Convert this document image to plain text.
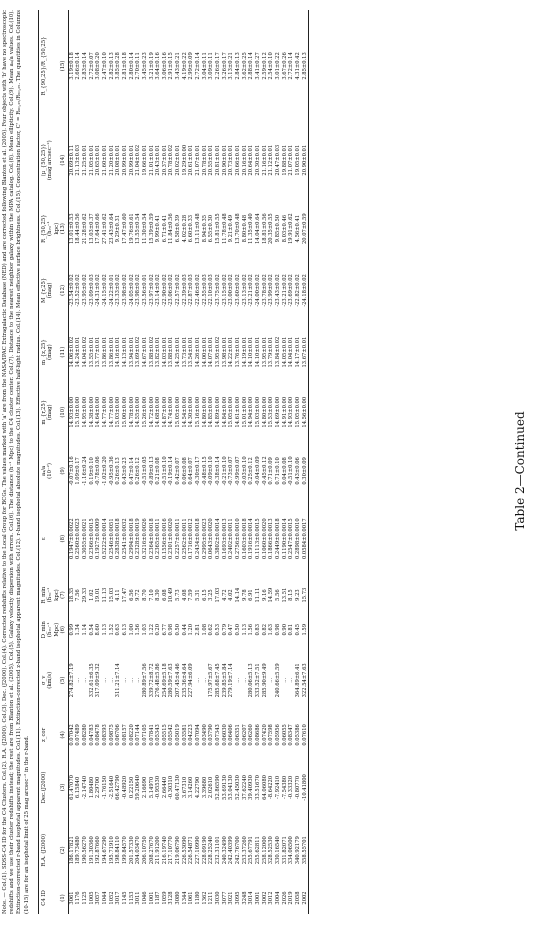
Table 2—Continued
C4 ID	R.A. (J2000)	Dec.(J2000)	z_cor	σ_v	D_min	R_min	ε	a₄/a	m_{r,25}	m_{z,25}	M_{r,25}	R_{50,25}	⟨μ_{50,25}⟩	R_{90,25}/R_{50,25}
				(km/s)	(h₇₀⁻¹	(h₇₀⁻¹		(10⁻²)	(mag)	(mag)	(mag)	(h₇₀⁻¹	(mag arcsec⁻²)	
					Mpc)	kpc)						kpc)		
(1)	(2)	(3)	(4)	(5)	(6)	(7)	(8)	(9)	(10)	(11)	(12)	(13)	(14)	(15)
3061	186.17821	61.47070	0.07042	274.82±7.19	0.99	18.35	0.1947±0.0022	-0.07±0.16	14.93±0.00	14.06±0.02	-23.54±0.02	13.01±0.53	20.69±0.11	3.19±0.18
1176	189.73480	6.15840	0.07489	...	1.34	7.56	0.2560±0.0023	1.09±0.17	15.10±0.00	14.24±0.01	-23.52±0.02	18.44±0.56	21.13±0.03	2.66±0.14
1125	190.56270	-2.14740	0.08280	...	1.14	29.33	0.3055±0.0021	-1.16±0.24	14.95±0.00	14.04±0.02	-23.95±0.02	21.28±0.62	21.25±0.01	2.83±0.14
1005	191.30360	1.80480	0.04783	332.61±6.35	0.54	1.02	0.2366±0.0015	0.19±0.10	14.38±0.00	13.55±0.01	-23.09±0.03	13.03±0.37	21.05±0.01	2.72±0.07
3057	192.87660	2.29700	0.08478	317.09±9.32	8.60	19.01	0.1927±0.0009	-0.78±0.06	14.64±0.00	13.77±0.01	-24.31±0.02	17.64±0.66	20.65±0.01	3.08±0.20
1044	194.67290	-1.76150	0.08393	...	1.13	11.13	0.5222±0.0014	-1.02±0.20	14.77±0.00	13.86±0.01	-24.15±0.02	27.41±0.62	21.60±0.01	2.47±0.10
1052	195.71910	-2.51640	0.09875	...	1.52	15.03	0.2546±0.0051	-0.95±0.36	14.77±0.00	13.86±0.01	-24.22±0.01	23.43±0.64	21.20±0.01	2.82±0.13
3017	198.84110	66.42790	0.06706	311.21±7.14	0.63	4.11	0.2838±0.0018	0.26±0.13	15.03±0.00	14.16±0.01	-23.33±0.02	9.29±0.31	20.08±0.01	3.85±0.28
1145	199.84570	-0.48920	0.08157	...	6.13	17.47	0.2541±0.0032	0.43±0.23	15.00±0.00	14.13±0.01	-23.98±0.02	17.47±0.60	20.99±0.01	2.81±0.18
1153	201.57330	0.22150	0.08220	...	1.00	6.56	0.2994±0.0018	0.47±0.14	14.78±0.00	13.94±0.01	-24.05±0.02	19.76±0.61	20.99±0.01	2.80±0.14
3011	204.03470	59.20640	0.07144	...	1.56	9.72	0.2328±0.0019	0.26±0.12	14.55±0.00	13.69±0.02	-23.98±0.02	13.55±0.54	21.04±0.02	2.70±0.11
1046	206.10750	2.16690	0.07105	280.89±7.56	1.03	8.70	0.3216±0.0026	-0.51±0.05	15.26±0.00	14.67±0.01	-23.56±0.01	11.30±0.54	19.66±0.01	3.45±0.23
1001	208.27670	5.14970	0.07841	339.72±8.72	1.22	7.10	0.2364±0.0018	-0.89±0.13	14.72±0.00	13.88±0.02	-23.97±0.02	15.39±0.59	21.01±0.01	3.21±0.19
1187	211.91200	-0.95530	0.05343	276.48±5.86	0.20	8.30	0.2365±0.0011	0.21±0.08	14.68±0.00	13.82±0.01	-23.14±0.02	9.99±0.41	20.43±0.01	3.64±0.16
1059	216.19740	2.66440	0.05515	254.69±5.18	6.77	6.08	0.1556±0.0016	-0.51±0.10	14.87±0.00	14.03±0.01	-22.90±0.02	6.71±0.41	20.37±0.01	3.06±0.16
3128	217.10770	-0.30310	0.05542	280.59±7.63	0.98	10.49	0.2301±0.0020	-0.19±0.14	14.74±0.00	13.88±0.01	-23.06±0.02	11.84±0.56	20.78±0.02	2.91±0.15
3080	219.06790	60.47130	0.05019	207.45±4.46	0.50	5.73	0.2257±0.0011	0.42±0.07	15.05±0.00	14.25±0.01	-22.57±0.02	6.58±0.39	20.02±0.01	3.43±0.21
1344	226.53090	3.67310	0.03581	235.36±4.64	0.44	4.08	0.2562±0.0011	0.06±0.08	14.54±0.00	13.73±0.01	-22.39±0.03	4.02±0.28	19.29±0.00	4.19±0.22
1061	226.54871	3.14260	0.04223	227.94±6.09	1.20	7.59	0.1716±0.0012	0.64±0.07	14.30±0.00	13.54±0.01	-22.87±0.03	6.60±0.33	20.61±0.01	2.99±0.09
1180	227.10990	4.22790	0.07094	...	2.81	5.31	0.2434±0.0018	-0.30±0.17	15.16±0.00	14.26±0.01	-22.46±0.02	13.11±0.48	21.07±0.01	2.72±0.14
1362	228.09190	3.39680	0.03490	...	1.08	6.15	0.2995±0.0023	-0.48±0.15	14.80±0.00	14.00±0.01	-22.55±0.03	8.94±0.35	20.78±0.01	3.04±0.11
1211	228.25240	2.02610	0.03790	175.97±5.67	0.62	3.25	0.0643±0.0020	-0.09±0.10	14.85±0.00	14.07±0.01	-22.10±0.03	6.55±0.30	20.55±0.01	3.09±0.11
3030	232.31101	52.86590	0.07343	285.68±7.45	0.53	17.03	0.3802±0.0014	-0.38±0.14	14.89±0.00	13.95±0.02	-23.75±0.02	15.81±0.55	20.81±0.01	2.26±0.17
3077	240.32490	53.69130	0.06030	239.85±5.84	0.79	4.72	0.1693±0.0013	-0.21±0.10	14.84±0.00	13.98±0.01	-23.15±0.02	11.78±0.48	20.90±0.01	3.26±0.17
3021	242.40399	53.04130	0.06406	279.19±7.14	0.47	4.02	0.2402±0.0011	-0.73±0.07	15.05±0.00	14.22±0.01	-23.00±0.02	9.21±0.49	20.73±0.01	3.13±0.21
3095	242.76700	52.45030	0.06351	...	0.50	14.14	0.2756±0.0010	-0.99±0.07	14.61±0.00	13.76±0.01	-23.60±0.02	13.70±0.48	20.66±0.01	2.84±0.13
3248	253.37260	37.62240	0.06207	...	1.13	9.78	0.1603±0.0018	-0.03±0.10	15.01±0.00	14.19±0.01	-23.13±0.02	8.80±0.48	20.16±0.01	3.62±0.25
3014	255.67791	39.40930	0.06260	280.06±5.13	1.56	6.91	0.1916±0.0014	0.25±0.12	14.94±0.00	14.10±0.01	-23.21±0.02	11.35±0.40	20.64±0.01	2.88±0.14
3001	255.62811	33.51670	0.08686	333.52±7.51	0.83	11.11	0.1113±0.0015	-0.04±0.09	15.03±0.00	14.10±0.01	-24.00±0.02	14.04±0.64	20.30±0.01	3.41±0.27
3002	258.12000	64.06080	0.07420	285.90±9.49	0.82	9.16	0.1060±0.0020	-0.45±0.12	14.80±0.00	13.95±0.01	-23.78±0.02	18.81±0.56	21.16±0.01	2.59±0.12
3012	328.52530	-8.64220	0.07598	...	1.63	14.59	0.1866±0.0013	0.71±0.09	15.53±0.00	13.79±0.01	-23.99±0.02	20.35±0.55	21.12±0.01	2.54±0.10
3004	330.16540	-7.92410	0.05956	240.66±5.59	0.98	5.56	0.2449±0.0018	0.71±0.10	14.69±0.00	13.84±0.02	-23.43±0.02	9.85±0.50	20.47±0.03	3.01±0.22
2026	331.82071	-7.54380	0.06055	...	0.90	13.51	0.1190±0.0014	0.04±0.08	14.91±0.00	14.05±0.01	-23.21±0.02	8.03±0.46	19.88±0.01	3.67±0.26
2019	334.06500	-0.33320	0.08347	...	0.81	8.15	0.2547±0.0015	-0.51±0.10	14.93±0.00	14.04±0.01	-23.69±0.02	19.91±0.62	21.07±0.01	2.72±0.14
2058	340.92179	-0.80770	0.05386	364.89±6.41	0.45	9.23	0.2898±0.0010	0.43±0.06	15.05±0.00	14.17±0.01	-22.82±0.02	4.56±0.41	19.05±0.01	4.31±0.42
2002	358.55701	-10.41800	0.07610	322.54±7.63	1.59	15.73	0.0584±0.0017	0.30±0.09	14.56±0.00	13.67±0.01	-24.18±0.02	20.07±0.59	20.90±0.01	2.85±0.13
Note. — Col.(1). SDSS-C4 ID for the C4 Clusters. Col.(2). R.A. (J2000). Col.(3). Dec. (J2000). Col.(4). Corrected redshifts relative to the Local Group for BCGs. The values marked with 'a' are from the NASA/IPAC Extragalactic Database (NED) and are corrected following Blanton et al. (2005). Four objects with 'b' have no spectroscopic redshifts and we use their cluster redshifts instead; the rest are from Blanton et al. (2005). Col.(5). Galaxy velocity dispersion with errors. Col.(6). The distance (h⁻¹ Mpc) to the C4 cluster center. Col.(7). Distance to the nearest neighbor galaxy within the MPA catalog. Col.(8). Mean ellipticity. Col.(9). Mean a₄/a values. Col.(10). Extinction-corrected r-band isophotal apparent magnitudes. Col.(11). Extinction-corrected z-band isophotal apparent magnitudes. Col.(12). r-band isophotal absolute magnitudes. Col.(13). Effective half-light radius. Col.(14). Mean effective surface brightness. Col.(15). Concentration factor, C' = R₉₀,₂₅/R₅₀,₂₅. The quantities in Columns (10-15) are for an isophotal limit of 25 mag arcsec⁻² in the r-band.
